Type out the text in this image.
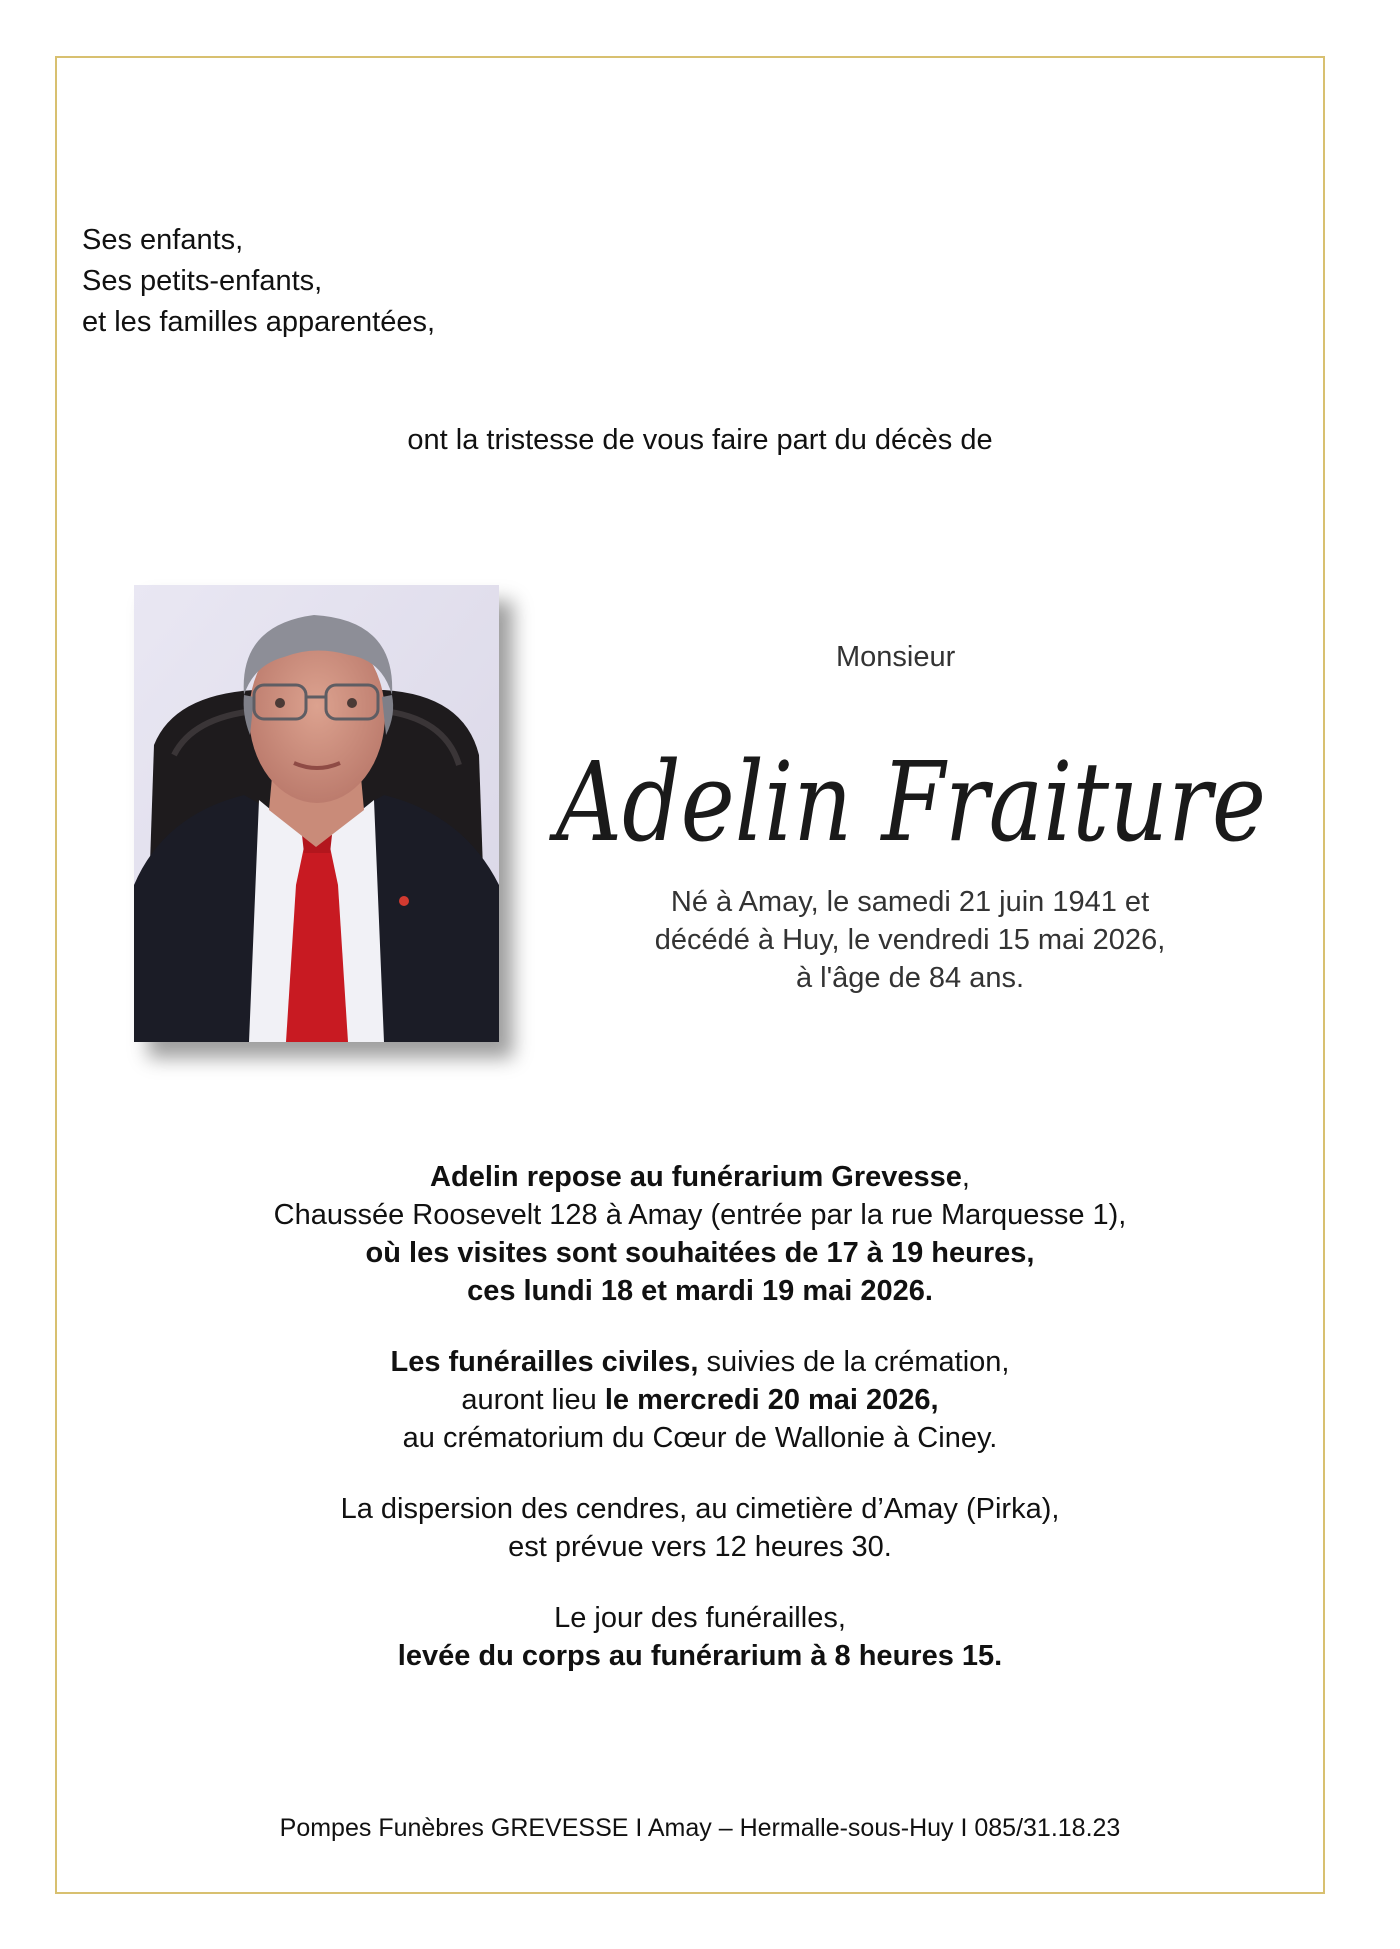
Ses enfants,
Ses petits-enfants,
et les familles apparentées,
ont la tristesse de vous faire part du décès de
Monsieur
Adelin Fraiture
Né à Amay, le samedi 21 juin 1941 et
décédé à Huy, le vendredi 15 mai 2026,
à l'âge de 84 ans.
Adelin repose au funérarium Grevesse,
Chaussée Roosevelt 128 à Amay (entrée par la rue Marquesse 1),
où les visites sont souhaitées de 17 à 19 heures,
ces lundi 18 et mardi 19 mai 2026.
Les funérailles civiles, suivies de la crémation,
auront lieu le mercredi 20 mai 2026,
au crématorium du Cœur de Wallonie à Ciney.
La dispersion des cendres, au cimetière d’Amay (Pirka),
est prévue vers 12 heures 30.
Le jour des funérailles,
levée du corps au funérarium à 8 heures 15.
Pompes Funèbres GREVESSE I Amay – Hermalle-sous-Huy I 085/31.18.23
